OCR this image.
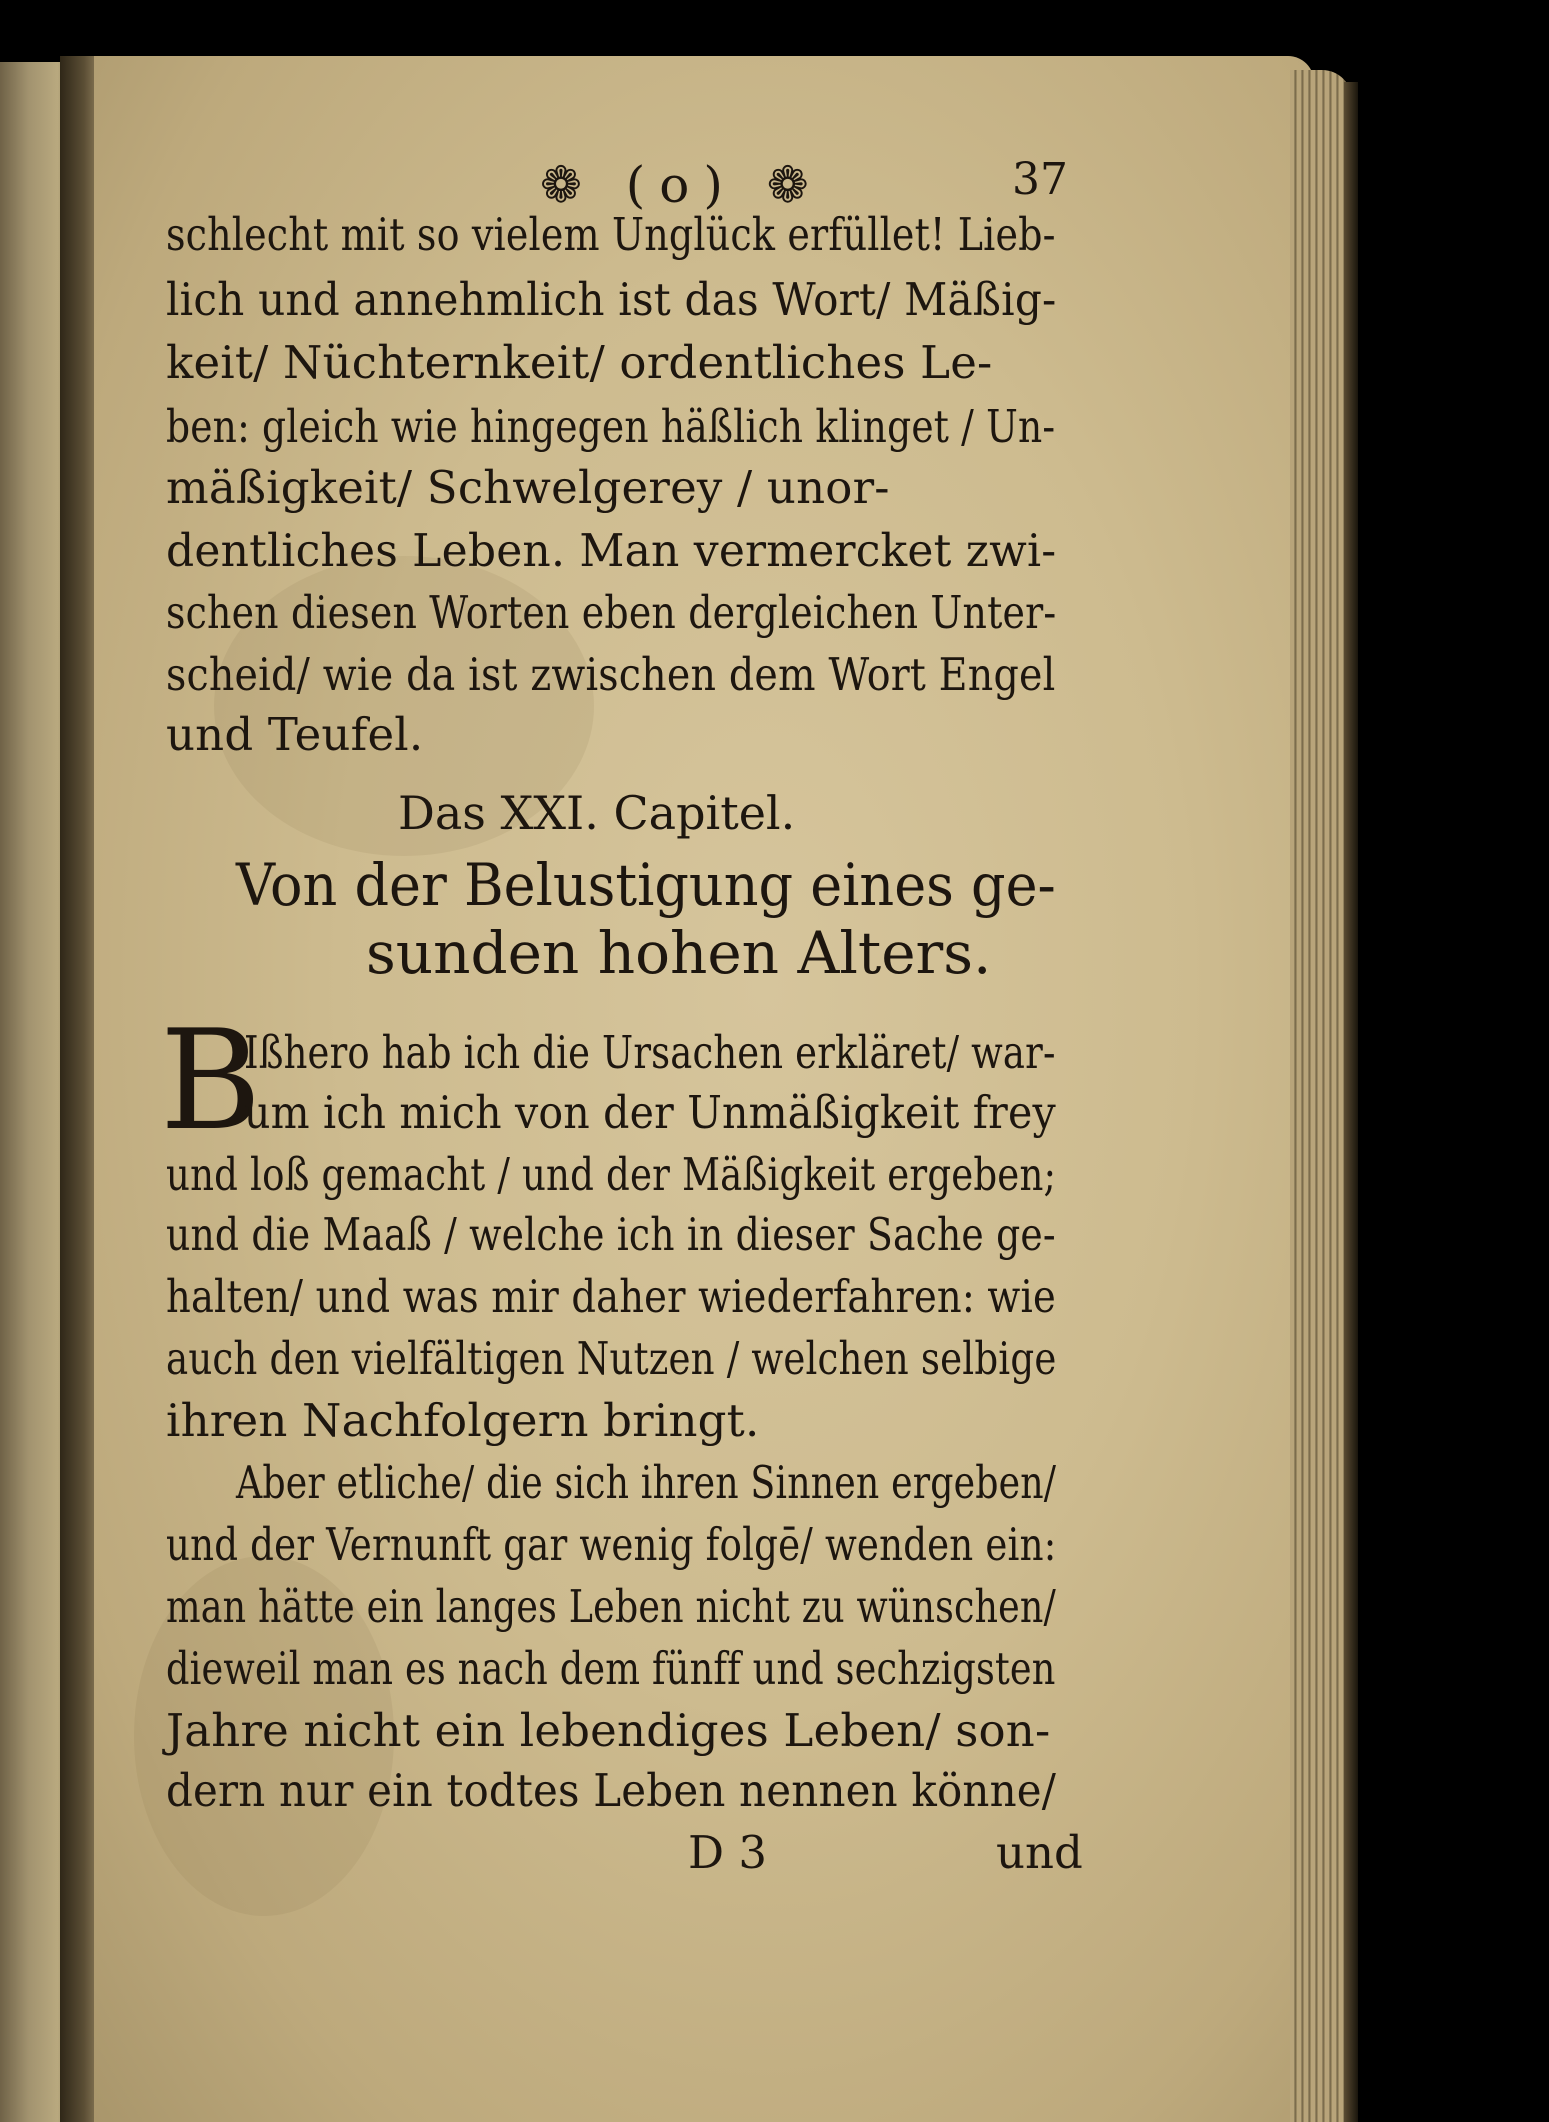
❁ (o) ❁	37
schlecht mit so vielem Unglück erfüllet! Lieb-
lich und annehmlich ist das Wort/ Mäßig-
keit/ Nüchternkeit/ ordentliches Le-
ben: gleich wie hingegen häßlich klinget / Un-
mäßigkeit/ Schwelgerey / unor-
dentliches Leben. Man vermercket zwi-
schen diesen Worten eben dergleichen Unter-
scheid/ wie da ist zwischen dem Wort Engel
und Teufel.
Das XXI. Capitel.
Von der Belustigung eines ge-
sunden hohen Alters.
B
Ißhero hab ich die Ursachen erkläret/ war-
um ich mich von der Unmäßigkeit frey
und loß gemacht / und der Mäßigkeit ergeben;
und die Maaß / welche ich in dieser Sache ge-
halten/ und was mir daher wiederfahren: wie
auch den vielfältigen Nutzen / welchen selbige
ihren Nachfolgern bringt.
Aber etliche/ die sich ihren Sinnen ergeben/
und der Vernunft gar wenig folgē/ wenden ein:
man hätte ein langes Leben nicht zu wünschen/
dieweil man es nach dem fünff und sechzigsten
Jahre nicht ein lebendiges Leben/ son-
dern nur ein todtes Leben nennen könne/
D 3	und
